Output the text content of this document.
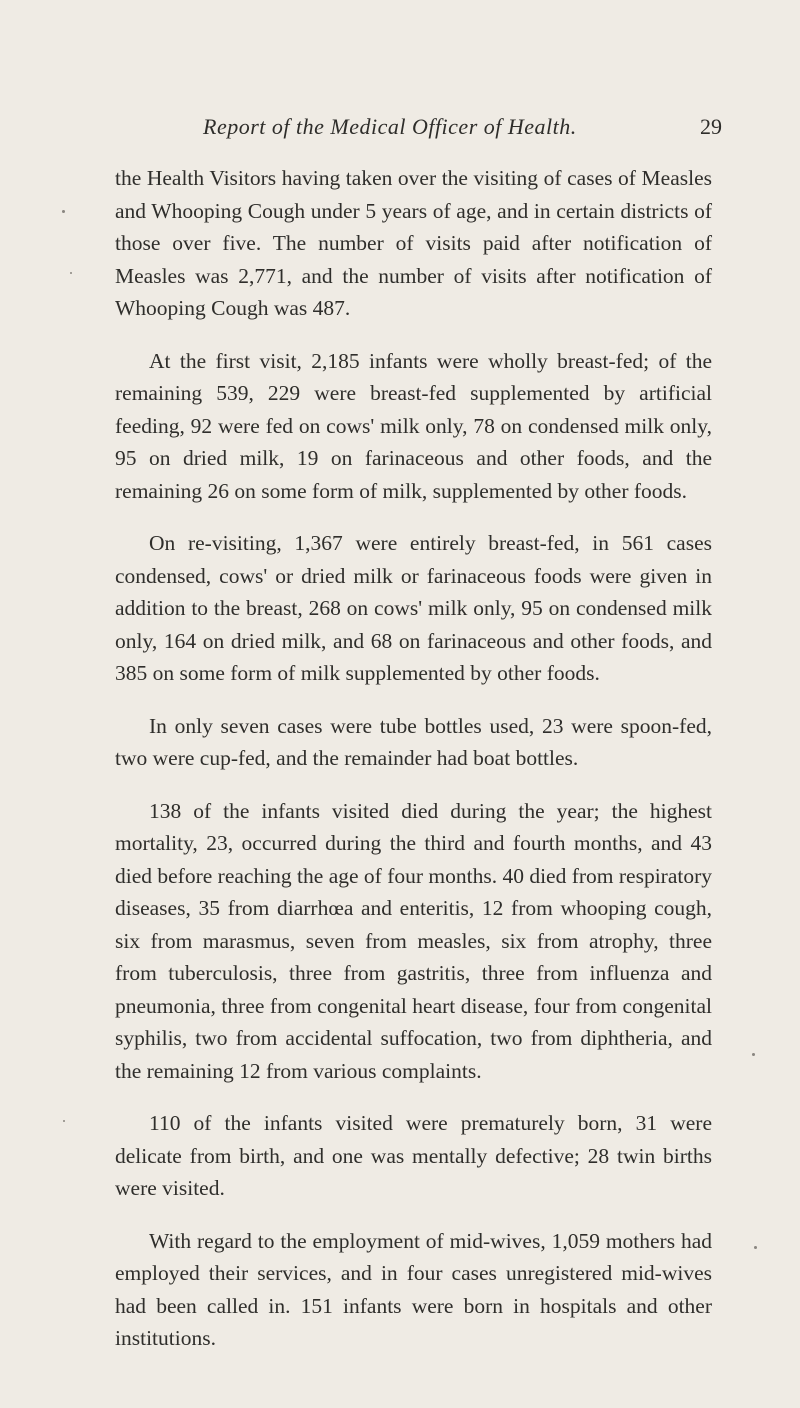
Report of the Medical Officer of Health.	29

the Health Visitors having taken over the visiting of cases of Measles and Whooping Cough under 5 years of age, and in certain districts of those over five. The number of visits paid after notification of Measles was 2,771, and the number of visits after notification of Whooping Cough was 487.

At the first visit, 2,185 infants were wholly breast-fed; of the remaining 539, 229 were breast-fed supplemented by artificial feeding, 92 were fed on cows' milk only, 78 on condensed milk only, 95 on dried milk, 19 on farinaceous and other foods, and the remaining 26 on some form of milk, supplemented by other foods.

On re-visiting, 1,367 were entirely breast-fed, in 561 cases condensed, cows' or dried milk or farinaceous foods were given in addition to the breast, 268 on cows' milk only, 95 on condensed milk only, 164 on dried milk, and 68 on farinaceous and other foods, and 385 on some form of milk supplemented by other foods.

In only seven cases were tube bottles used, 23 were spoon-fed, two were cup-fed, and the remainder had boat bottles.

138 of the infants visited died during the year; the highest mortality, 23, occurred during the third and fourth months, and 43 died before reaching the age of four months. 40 died from respiratory diseases, 35 from diarrhœa and enteritis, 12 from whooping cough, six from marasmus, seven from measles, six from atrophy, three from tuberculosis, three from gastritis, three from influenza and pneumonia, three from congenital heart disease, four from congenital syphilis, two from accidental suffocation, two from diphtheria, and the remaining 12 from various complaints.

110 of the infants visited were prematurely born, 31 were delicate from birth, and one was mentally defective; 28 twin births were visited.

With regard to the employment of mid-wives, 1,059 mothers had employed their services, and in four cases unregistered mid-wives had been called in. 151 infants were born in hospitals and other institutions.
